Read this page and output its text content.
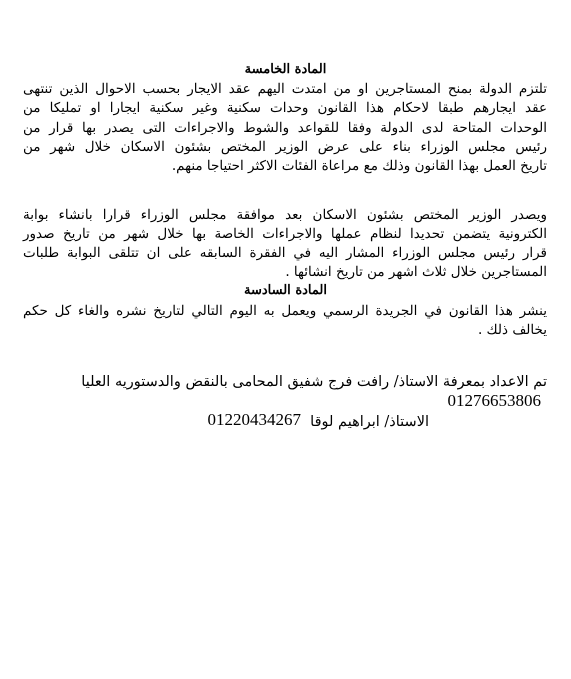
المادة الخامسة
تلتزم الدولة بمنح المستاجرين او من امتدت اليهم عقد الايجار بحسب الاحوال الذين تنتهى
عقد ايجارهم طبقا لاحكام هذا القانون وحدات سكنية وغير سكنية ايجارا او تمليكا من
الوحدات المتاحة لدى الدولة وفقا للقواعد والشوط والاجراءات التى يصدر بها قرار من
رئيس مجلس الوزراء بناء على عرض الوزير المختص بشئون الاسكان خلال شهر من
تاريخ العمل بهذا القانون وذلك مع مراعاة الفئات الاكثر احتياجا منهم.
ويصدر الوزير المختص بشئون الاسكان بعد موافقة مجلس الوزراء قرارا بانشاء بوابة
الكترونية يتضمن تحديدا لنظام عملها والاجراءات الخاصة بها خلال شهر من تاريخ صدور
قرار رئيس مجلس الوزراء المشار اليه في الفقرة السابقه على ان تتلقى البوابة طلبات
المستاجرين خلال ثلاث اشهر من تاريخ انشائها .
المادة السادسة
ينشر هذا القانون في الجريدة الرسمي ويعمل به اليوم التالي لتاريخ نشره والغاء كل حكم
يخالف ذلك .
تم الاعداد بمعرفة الاستاذ/ رافت فرج شفيق المحامى بالنقض والدستوريه العليا
01276653806
الاستاذ/ ابراهيم لوقا
01220434267
